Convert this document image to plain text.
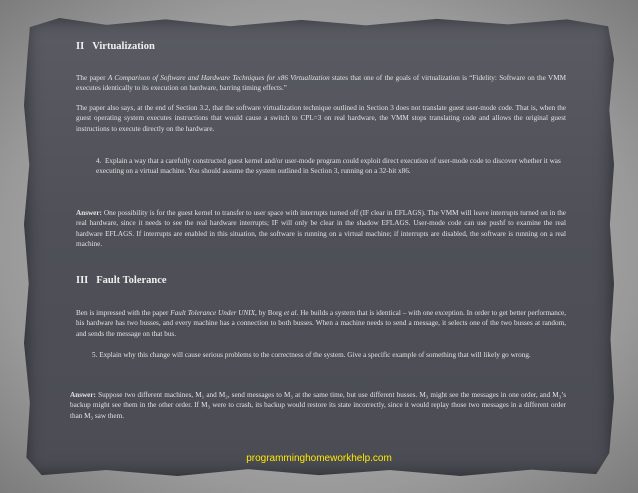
II Virtualization
The paper A Comparison of Software and Hardware Techniques for x86 Virtualization states that one of the goals of virtualization is “Fidelity: Software on the VMM executes identically to its execution on hardware, barring timing effects.”
The paper also says, at the end of Section 3.2, that the software virtualization technique outlined in Section 3 does not translate guest user-mode code. That is, when the guest operating system executes instructions that would cause a switch to CPL=3 on real hardware, the VMM stops translating code and allows the original guest instructions to execute directly on the hardware.
4. Explain a way that a carefully constructed guest kernel and/or user-mode program could exploit direct execution of user-mode code to discover whether it was executing on a virtual machine. You should assume the system outlined in Section 3, running on a 32-bit x86.
Answer: One possibility is for the guest kernel to transfer to user space with interrupts turned off (IF clear in EFLAGS). The VMM will leave interrupts turned on in the real hardware, since it needs to see the real hardware interrupts; IF will only be clear in the shadow EFLAGS. User-mode code can use pushf to examine the real hardware EFLAGS. If interrupts are enabled in this situation, the software is running on a virtual machine; if interrupts are disabled, the software is running on a real machine.
III Fault Tolerance
Ben is impressed with the paper Fault Tolerance Under UNIX, by Borg et al. He builds a system that is identical – with one exception. In order to get better performance, his hardware has two busses, and every machine has a connection to both busses. When a machine needs to send a message, it selects one of the two busses at random, and sends the message on that bus.
5. Explain why this change will cause serious problems to the correctness of the system. Give a specific example of something that will likely go wrong.
Answer: Suppose two different machines, M₁ and M₂, send messages to M₃ at the same time, but use different busses. M₃ might see the messages in one order, and M₃’s backup might see them in the other order. If M₃ were to crash, its backup would restore its state incorrectly, since it would replay those two messages in a different order than M₃ saw them.
programminghomeworkhelp.com
